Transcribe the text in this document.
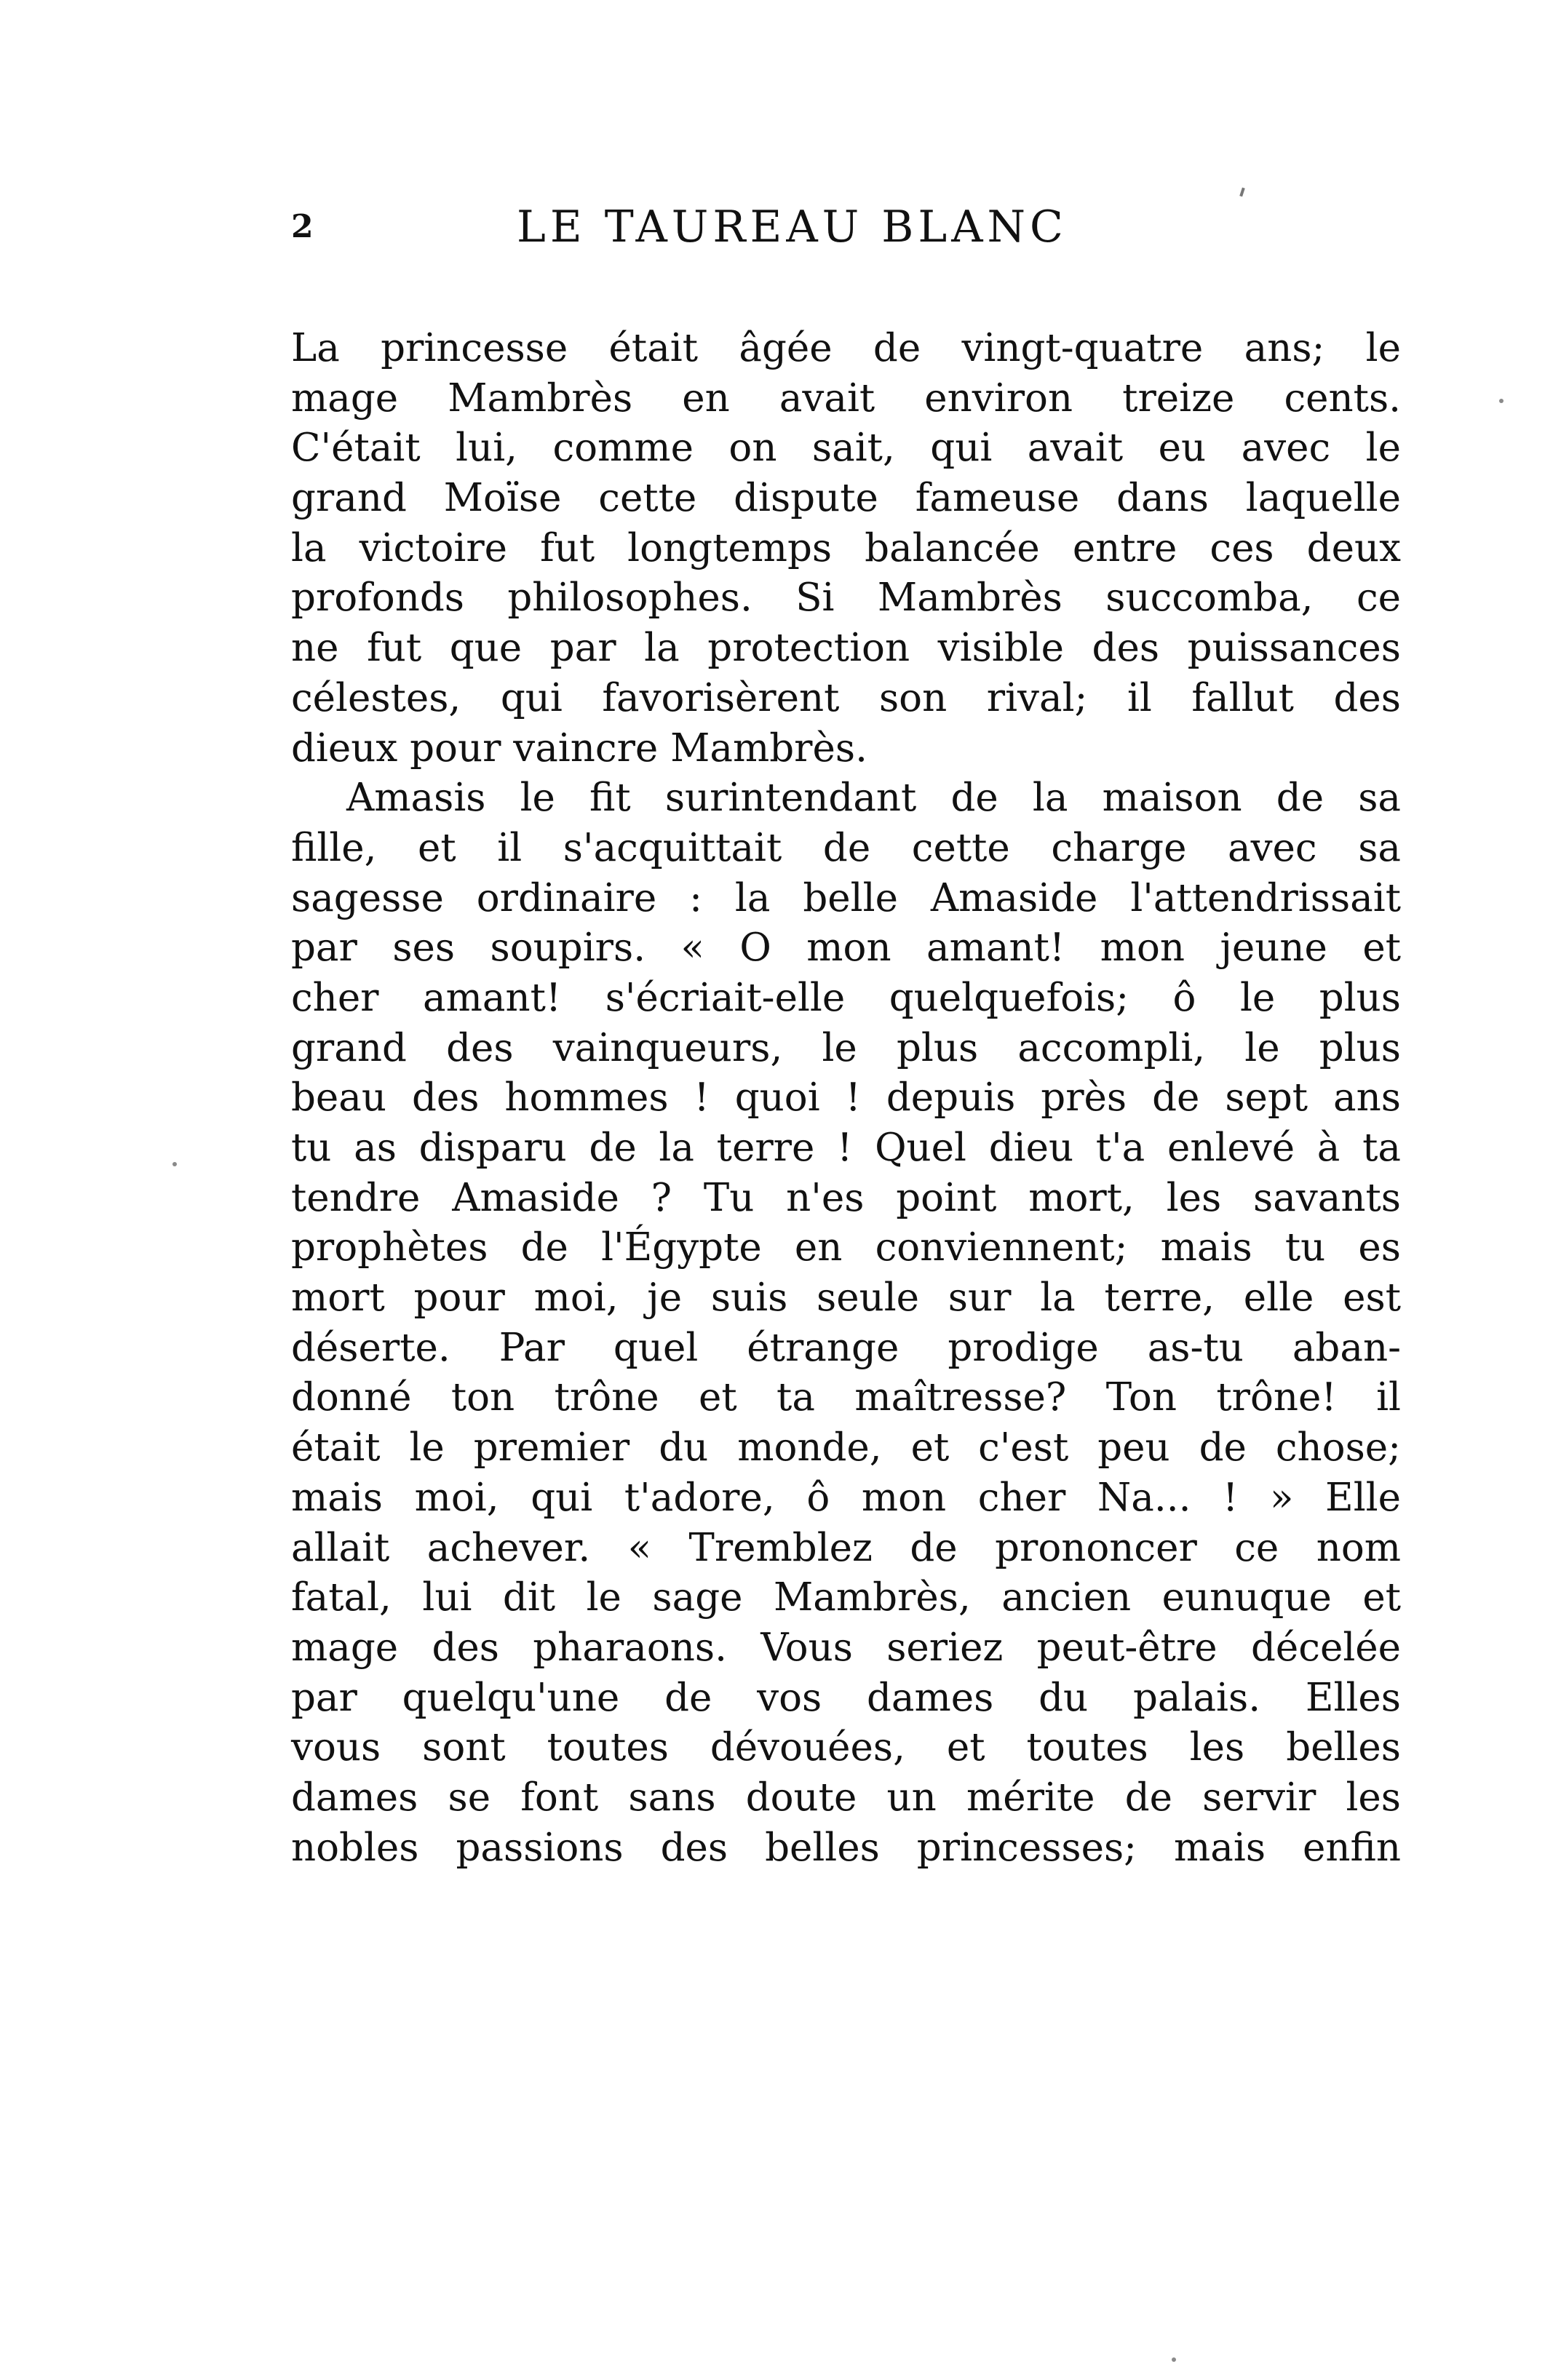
2	LE TAUREAU BLANC
La princesse était âgée de vingt-quatre ans; le
mage Mambrès en avait environ treize cents.
C'était lui, comme on sait, qui avait eu avec le
grand Moïse cette dispute fameuse dans laquelle
la victoire fut longtemps balancée entre ces deux
profonds philosophes. Si Mambrès succomba, ce
ne fut que par la protection visible des puissances
célestes, qui favorisèrent son rival; il fallut des
dieux pour vaincre Mambrès.
Amasis le fit surintendant de la maison de sa
fille, et il s'acquittait de cette charge avec sa
sagesse ordinaire : la belle Amaside l'attendrissait
par ses soupirs. « O mon amant! mon jeune et
cher amant! s'écriait-elle quelquefois; ô le plus
grand des vainqueurs, le plus accompli, le plus
beau des hommes ! quoi ! depuis près de sept ans
tu as disparu de la terre ! Quel dieu t'a enlevé à ta
tendre Amaside ? Tu n'es point mort, les savants
prophètes de l'Égypte en conviennent; mais tu es
mort pour moi, je suis seule sur la terre, elle est
déserte. Par quel étrange prodige as-tu aban-
donné ton trône et ta maîtresse? Ton trône! il
était le premier du monde, et c'est peu de chose;
mais moi, qui t'adore, ô mon cher Na... ! » Elle
allait achever. « Tremblez de prononcer ce nom
fatal, lui dit le sage Mambrès, ancien eunuque et
mage des pharaons. Vous seriez peut-être décelée
par quelqu'une de vos dames du palais. Elles
vous sont toutes dévouées, et toutes les belles
dames se font sans doute un mérite de servir les
nobles passions des belles princesses; mais enfin
